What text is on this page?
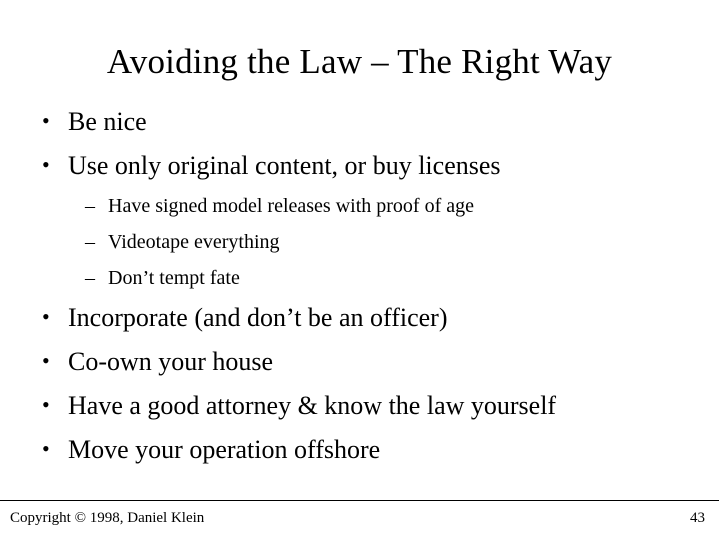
Avoiding the Law – The Right Way
• Be nice
• Use only original content, or buy licenses
– Have signed model releases with proof of age
– Videotape everything
– Don’t tempt fate
• Incorporate (and don’t be an officer)
• Co-own your house
• Have a good attorney & know the law yourself
• Move your operation offshore
Copyright © 1998, Daniel Klein	43
